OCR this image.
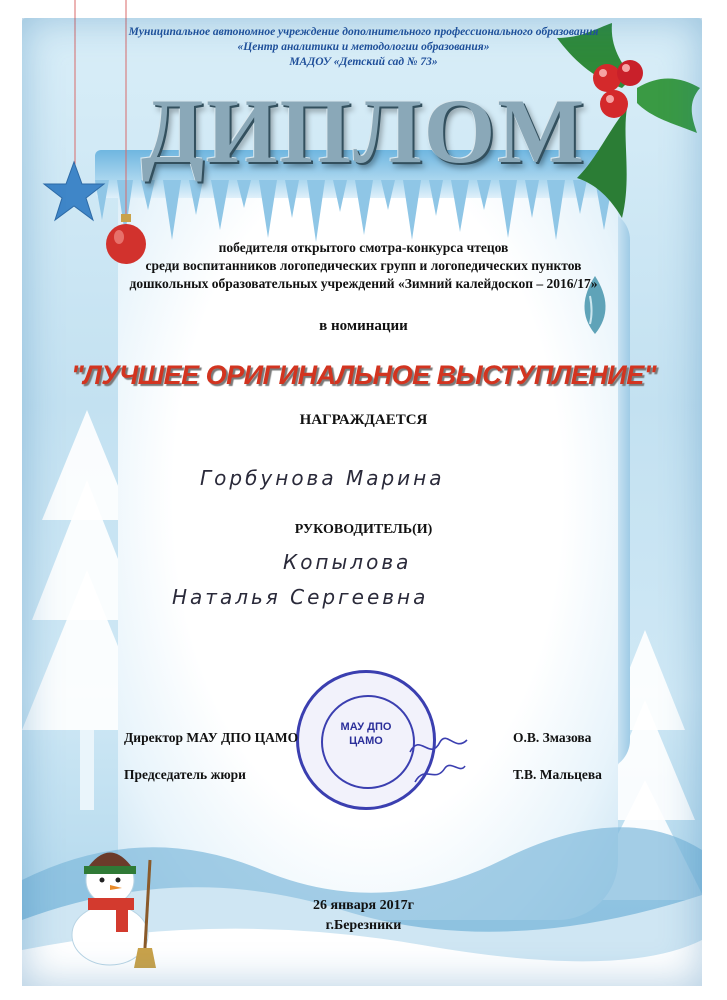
Муниципальное автономное учреждение дополнительного профессионального образования
«Центр аналитики и методологии образования»
МАДОУ «Детский сад № 73»
ДИПЛОМ
победителя открытого смотра-конкурса чтецов
среди воспитанников логопедических групп и логопедических пунктов
дошкольных образовательных учреждений «Зимний калейдоскоп – 2016/17»
в номинации
"ЛУЧШЕЕ ОРИГИНАЛЬНОЕ ВЫСТУПЛЕНИЕ"
НАГРАЖДАЕТСЯ
Горбунова Марина
РУКОВОДИТЕЛЬ(И)
Копылова
Наталья Сергеевна
МАУ ДПО
ЦАМО
Директор МАУ ДПО ЦАМО	О.В. Змазова
Председатель жюри	Т.В. Мальцева
26 января 2017г
г.Березники
